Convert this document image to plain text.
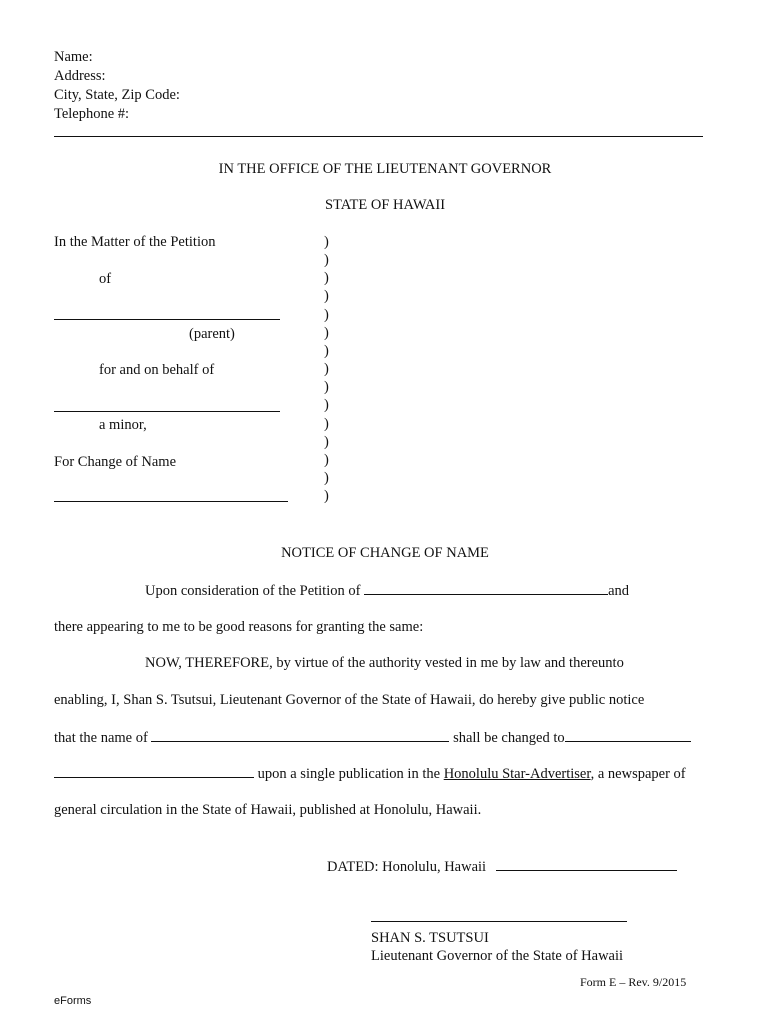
Name:
Address:
City, State, Zip Code:
Telephone #:
IN THE OFFICE OF THE LIEUTENANT GOVERNOR
STATE OF HAWAII
In the Matter of the Petition
of
(parent)
for and on behalf of
a minor,
For Change of Name
)
)
)
)
)
)
)
)
)
)
)
)
)
)
)
NOTICE OF CHANGE OF NAME
Upon consideration of the Petition of	and
there appearing to me to be good reasons for granting the same:
NOW, THEREFORE, by virtue of the authority vested in me by law and thereunto
enabling, I, Shan S. Tsutsui, Lieutenant Governor of the State of Hawaii, do hereby give public notice
that the name of	shall be changed to
upon a single publication in the Honolulu Star-Advertiser, a newspaper of
general circulation in the State of Hawaii, published at Honolulu, Hawaii.
DATED: Honolulu, Hawaii
SHAN S. TSUTSUI
Lieutenant Governor of the State of Hawaii
Form E – Rev. 9/2015
eForms
